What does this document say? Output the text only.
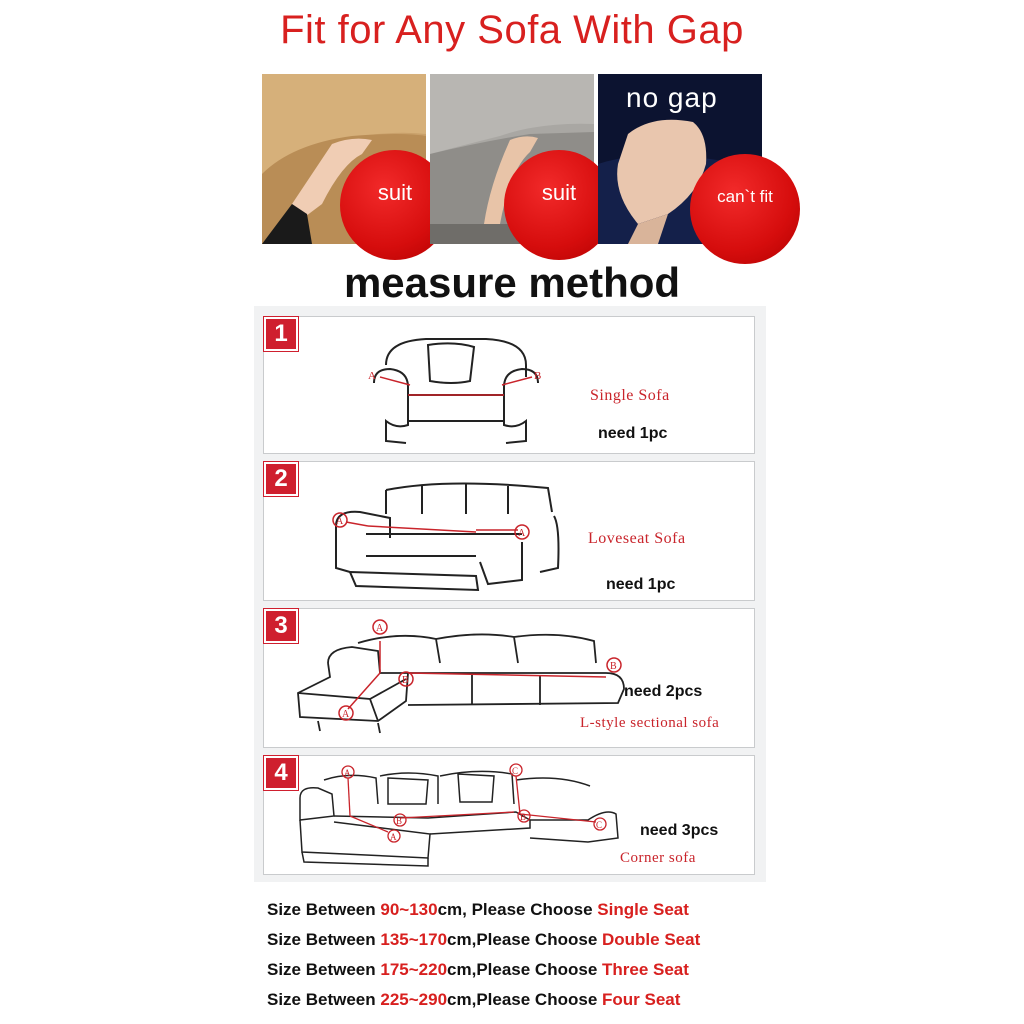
Fit for Any Sofa With Gap
suit	suit
no gap
can`t fit
measure method
1
A	B
Single Sofa
need 1pc
2
A
A	Loveseat Sofa
need 1pc
3	A
A
B
B
need 2pcs
L-style sectional sofa
4	A
A
B	B
C
C need 3pcs
Corner sofa
Size Between 90~130cm, Please Choose Single Seat
Size Between 135~170cm,Please Choose Double Seat
Size Between 175~220cm,Please Choose Three Seat
Size Between 225~290cm,Please Choose Four Seat
